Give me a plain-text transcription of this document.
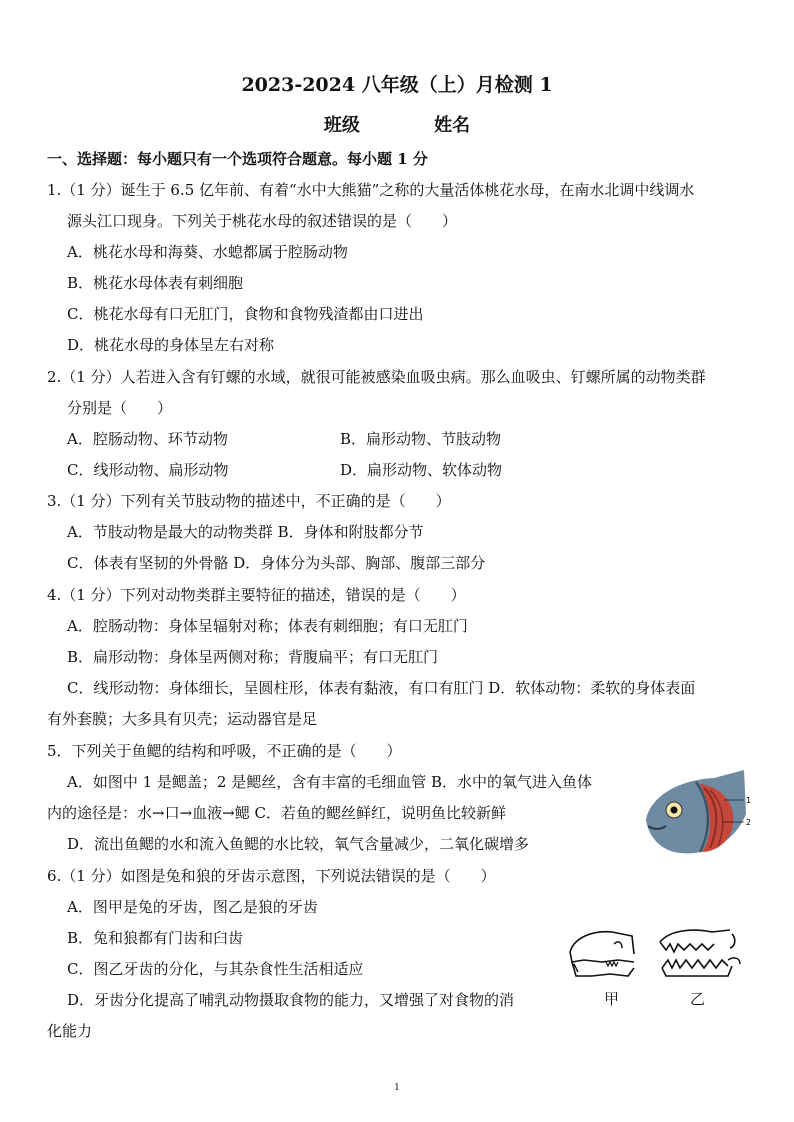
2023-2024 八年级（上）月检测 1
班级	姓名
一、选择题：每小题只有一个选项符合题意。每小题 1 分
1.（1 分）诞生于 6.5 亿年前、有着“水中大熊猫”之称的大量活体桃花水母，在南水北调中线调水
源头江口现身。下列关于桃花水母的叙述错误的是（　　）
A．桃花水母和海葵、水螅都属于腔肠动物
B．桃花水母体表有刺细胞
C．桃花水母有口无肛门，食物和食物残渣都由口进出
D．桃花水母的身体呈左右对称
2.（1 分）人若进入含有钉螺的水域，就很可能被感染血吸虫病。那么血吸虫、钉螺所属的动物类群
分别是（　　）
A．腔肠动物、环节动物	B．扁形动物、节肢动物
C．线形动物、扁形动物	D．扁形动物、软体动物
3.（1 分）下列有关节肢动物的描述中，不正确的是（　　）
A．节肢动物是最大的动物类群 B．身体和附肢都分节
C．体表有坚韧的外骨骼 D．身体分为头部、胸部、腹部三部分
4.（1 分）下列对动物类群主要特征的描述，错误的是（　　）
A．腔肠动物：身体呈辐射对称；体表有刺细胞；有口无肛门
B．扁形动物：身体呈两侧对称；背腹扁平；有口无肛门
C．线形动物：身体细长，呈圆柱形，体表有黏液，有口有肛门 D．软体动物：柔软的身体表面
有外套膜；大多具有贝壳；运动器官是足
5．下列关于鱼鳃的结构和呼吸，不正确的是（　　）
A．如图中 1 是鳃盖；2 是鳃丝，含有丰富的毛细血管 B．水中的氧气进入鱼体
内的途径是：水→口→血液→鳃 C．若鱼的鳃丝鲜红，说明鱼比较新鲜
D．流出鱼鳃的水和流入鱼鳃的水比较，氧气含量减少，二氧化碳增多
1
2
6.（1 分）如图是兔和狼的牙齿示意图，下列说法错误的是（　　）
A．图甲是兔的牙齿，图乙是狼的牙齿
B．兔和狼都有门齿和臼齿
C．图乙牙齿的分化，与其杂食性生活相适应
D．牙齿分化提高了哺乳动物摄取食物的能力，又增强了对食物的消
化能力
甲	乙
1
